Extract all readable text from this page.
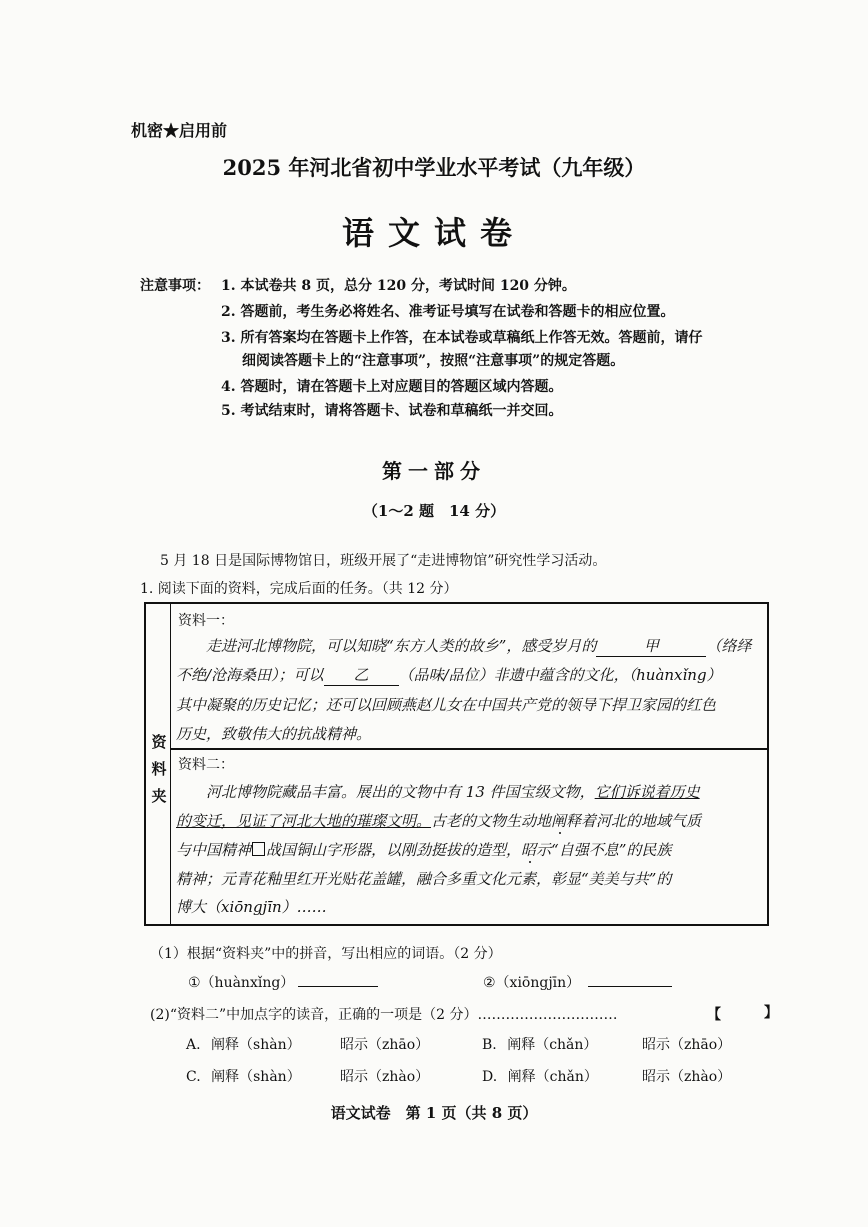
机密★启用前
2025 年河北省初中学业水平考试（九年级）
语文试卷
注意事项： 1. 本试卷共 8 页，总分 120 分，考试时间 120 分钟。
2. 答题前，考生务必将姓名、准考证号填写在试卷和答题卡的相应位置。
3. 所有答案均在答题卡上作答，在本试卷或草稿纸上作答无效。答题前，请仔
细阅读答题卡上的“注意事项”，按照“注意事项”的规定答题。
4. 答题时，请在答题卡上对应题目的答题区域内答题。
5. 考试结束时，请将答题卡、试卷和草稿纸一并交回。
第一部分
（1～2 题　14 分）
5 月 18 日是国际博物馆日，班级开展了“走进博物馆”研究性学习活动。
1. 阅读下面的资料，完成后面的任务。（共 12 分）
资
料
夹
资料一：
走进河北博物院，可以知晓“东方人类的故乡”，感受岁月的	甲	（络绎
不绝/沧海桑田）；可以 乙 （品味/品位）非遗中蕴含的文化，（huànxǐng）
其中凝聚的历史记忆；还可以回顾燕赵儿女在中国共产党的领导下捍卫家园的红色
历史，致敬伟大的抗战精神。
资料二：
河北博物院藏品丰富。展出的文物中有 13 件国宝级文物，它们诉说着历史
的变迁，见证了河北大地的璀璨文明。古老的文物生动地阐释着河北的地域气质
与中国精神 战国铜山字形器，以刚劲挺拔的造型，昭示“自强不息”的民族
精神；元青花釉里红开光贴花盖罐，融合多重文化元素，彰显“美美与共”的
博大（xiōngjīn）……
（1）根据“资料夹”中的拼音，写出相应的词语。（2 分）
①（huànxǐng）	②（xiōngjīn）
(2)“资料二”中加点字的读音，正确的一项是（2 分）…………………………	【	】
A. 阐释（shàn）	昭示（zhāo）	B. 阐释（chǎn）	昭示（zhāo）
C. 阐释（shàn）	昭示（zhào）	D. 阐释（chǎn）	昭示（zhào）
语文试卷　第 1 页（共 8 页）
